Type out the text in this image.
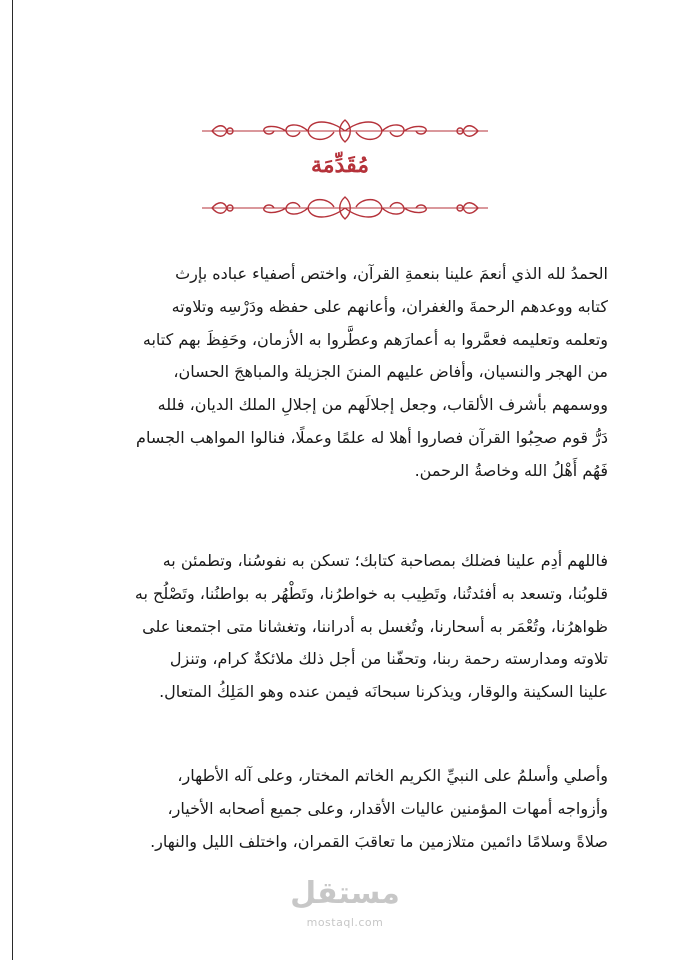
مُقَدِّمَة

الحمدُ لله الذي أنعمَ علينا بنعمةِ القرآن، واختص أصفياء عباده بإرث
كتابه ووعدهم الرحمةَ والغفران، وأعانهم على حفظه ودَرْسِه وتلاوته
وتعلمه وتعليمه فعمَّروا به أعمارَهم وعطَّروا به الأزمان، وحَفِظَ بهم كتابه
من الهجر والنسيان، وأفاض عليهم المننَ الجزيلة والمباهجَ الحسان،
ووسمهم بأشرف الألقاب، وجعل إجلالَهم من إجلالِ الملك الديان، فلله
دَرُّ قوم صحِبُوا القرآن فصاروا أهلا له علمًا وعملًا، فنالوا المواهب الجسام
فَهُم أَهْلُ الله وخاصةُ الرحمن.

فاللهم أدِم علينا فضلك بمصاحبة كتابك؛ تسكن به نفوسُنا، وتطمئن به
قلوبُنا، وتسعد به أفئدتُنا، وتَطِيب به خواطرُنا، وتَطْهُر به بواطنُنا، وتَصْلُح به
ظواهرُنا، وتُعْمَر به أسحارنا، وتُغسل به أدراننا، وتغشانا متى اجتمعنا على
تلاوته ومدارسته رحمة ربنا، وتحفّنا من أجل ذلك ملائكةٌ كرام، وتنزل
علينا السكينة والوقار، ويذكرنا سبحانَه فيمن عنده وهو المَلِكُ المتعال.

وأصلي وأسلمُ على النبيِّ الكريم الخاتم المختار، وعلى آله الأطهار،
وأزواجه أمهات المؤمنين عاليات الأقدار، وعلى جميع أصحابه الأخيار،
صلاةً وسلامًا دائمين متلازمين ما تعاقبَ القمران، واختلف الليل والنهار.

مستقل
mostaql.com
